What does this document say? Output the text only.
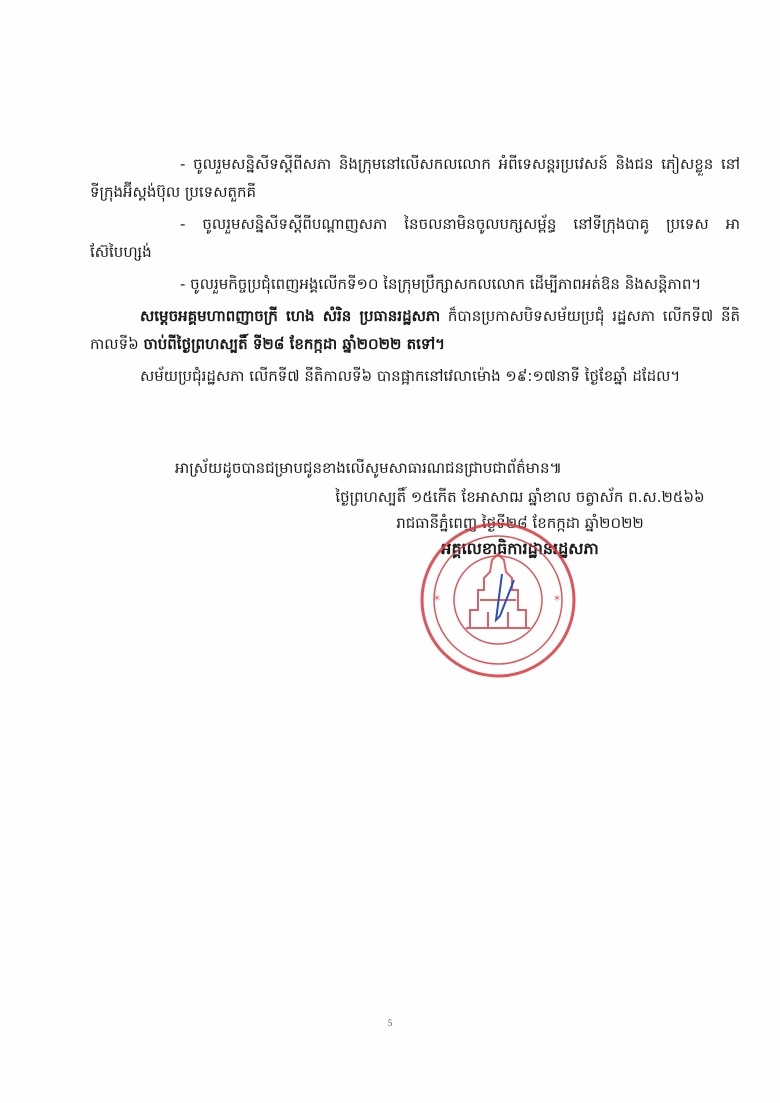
- ចូលរួមសន្និសីទស្ដីពីសភា និងក្រុមនៅលើសកលលោក អំពីទេសន្តរប្រវេសន៍ និងជន ភៀសខ្លួន នៅទីក្រុងអ៊ីស្ដង់ប៊ុល ប្រទេសតួកគី

- ចូលរួមសន្និសីទស្ដីពីបណ្ដាញសភា នៃចលនាមិនចូលបក្សសម្ព័ន្ធ នៅទីក្រុងបាគូ ប្រទេស អាស៊ែបៃហ្សង់

- ចូលរួមកិច្ចប្រជុំពេញអង្គលើកទី១០ នៃក្រុមប្រឹក្សាសកលលោក ដើម្បីភាពអត់ឱន និងសន្ដិភាព។

សម្ដេចអគ្គមហាពញាចក្រី ហេង សំរិន ប្រធានរដ្ឋសភា ក៏បានប្រកាសបិទសម័យប្រជុំ រដ្ឋសភា លើកទី៧ នីតិកាលទី៦ ចាប់ពីថ្ងៃព្រហស្បតិ៍ ទី២៨ ខែកក្កដា ឆ្នាំ២០២២ តទៅ។

សម័យប្រជុំរដ្ឋសភា លើកទី៧ នីតិកាលទី៦ បានផ្អាកនៅវេលាម៉ោង ១៩:១៧នាទី ថ្ងៃខែឆ្នាំ ដដែល។

អាស្រ័យដូចបានជម្រាបជូនខាងលើសូមសាធារណជនជ្រាបជាព័ត៌មាន៕
ថ្ងៃព្រហស្បតិ៍ ១៥កេីត ខែអាសាឍ ឆ្នាំខាល ចត្វាស័ក ព.ស.២៥៦៦
រាជធានីភ្នំពេញ ថ្ងៃទី២៨ ខែកក្កដា ឆ្នាំ២០២២
អគ្គលេខាធិការដ្ឋានរដ្ឋសភា
*	*
5
